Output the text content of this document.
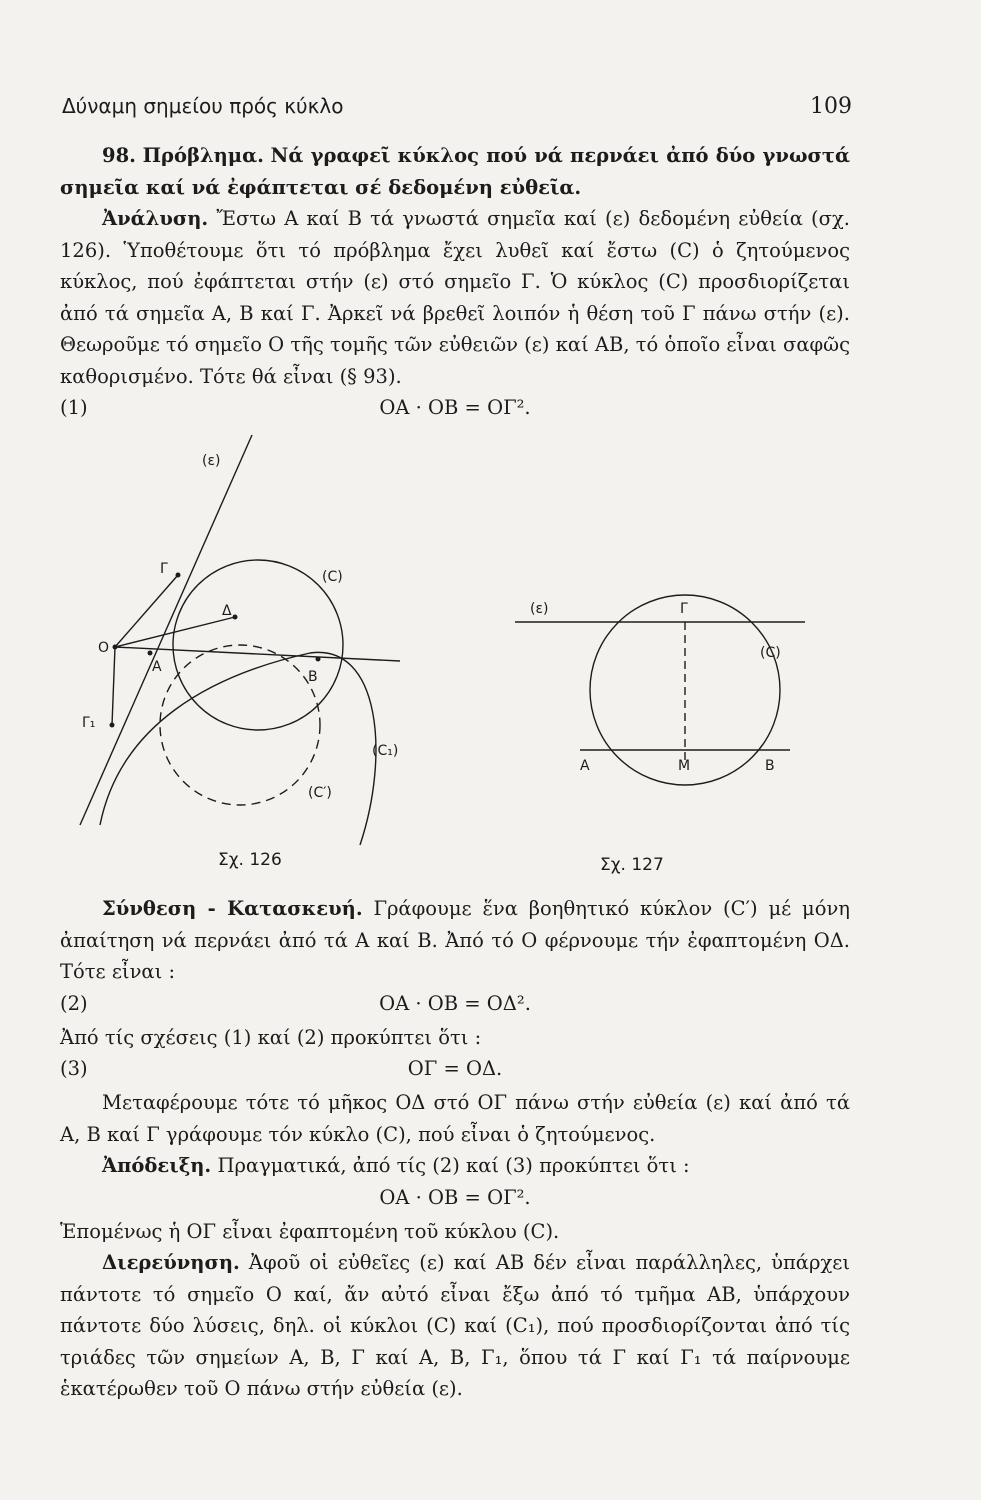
Δύναμη σημείου πρός κύκλο	109

98. Πρόβλημα. Νά γραφεῖ κύκλος πού νά περνάει ἀπό δύο γνωστά σημεῖα καί νά ἐφάπτεται σέ δεδομένη εὐθεῖα.

Ἀνάλυση. Ἔστω Α καί Β τά γνωστά σημεῖα καί (ε) δεδομένη εὐθεία (σχ. 126). Ὑποθέτουμε ὅτι τό πρόβλημα ἔχει λυθεῖ καί ἔστω (C) ὁ ζητούμενος κύκλος, πού ἐφάπτεται στήν (ε) στό σημεῖο Γ. Ὁ κύκλος (C) προσδιορίζεται ἀπό τά σημεῖα Α, Β καί Γ. Ἀρκεῖ νά βρεθεῖ λοιπόν ἡ θέση τοῦ Γ πάνω στήν (ε). Θεωροῦμε τό σημεῖο Ο τῆς τομῆς τῶν εὐθειῶν (ε) καί ΑΒ, τό ὁποῖο εἶναι σαφῶς καθορισμένο. Τότε θά εἶναι (§ 93).

(1)	ΟΑ · ΟΒ = ΟΓ².
(ε)
Γ	(C)
Δ
O
A
B
Γ₁
(C₁)
(C′)
(ε)	Γ
(C)
A	M	B
Σχ. 126	Σχ. 127

Σύνθεση - Κατασκευή. Γράφουμε ἕνα βοηθητικό κύκλον (C′) μέ μόνη ἀπαίτηση νά περνάει ἀπό τά Α καί Β. Ἀπό τό Ο φέρνουμε τήν ἐφαπτομένη ΟΔ. Τότε εἶναι :

(2)	ΟΑ · ΟΒ = ΟΔ².

Ἀπό τίς σχέσεις (1) καί (2) προκύπτει ὅτι :

(3)	ΟΓ = ΟΔ.

Μεταφέρουμε τότε τό μῆκος ΟΔ στό ΟΓ πάνω στήν εὐθεία (ε) καί ἀπό τά Α, Β καί Γ γράφουμε τόν κύκλο (C), πού εἶναι ὁ ζητούμενος.

Ἀπόδειξη. Πραγματικά, ἀπό τίς (2) καί (3) προκύπτει ὅτι :

ΟΑ · ΟΒ = ΟΓ².

Ἑπομένως ἡ ΟΓ εἶναι ἐφαπτομένη τοῦ κύκλου (C).

Διερεύνηση. Ἀφοῦ οἱ εὐθεῖες (ε) καί ΑΒ δέν εἶναι παράλληλες, ὑπάρχει πάντοτε τό σημεῖο Ο καί, ἄν αὐτό εἶναι ἔξω ἀπό τό τμῆμα ΑΒ, ὑπάρχουν πάντοτε δύο λύσεις, δηλ. οἱ κύκλοι (C) καί (C₁), πού προσδιορίζονται ἀπό τίς τριάδες τῶν σημείων Α, Β, Γ καί Α, Β, Γ₁, ὅπου τά Γ καί Γ₁ τά παίρνουμε ἑκατέρωθεν τοῦ Ο πάνω στήν εὐθεία (ε).
